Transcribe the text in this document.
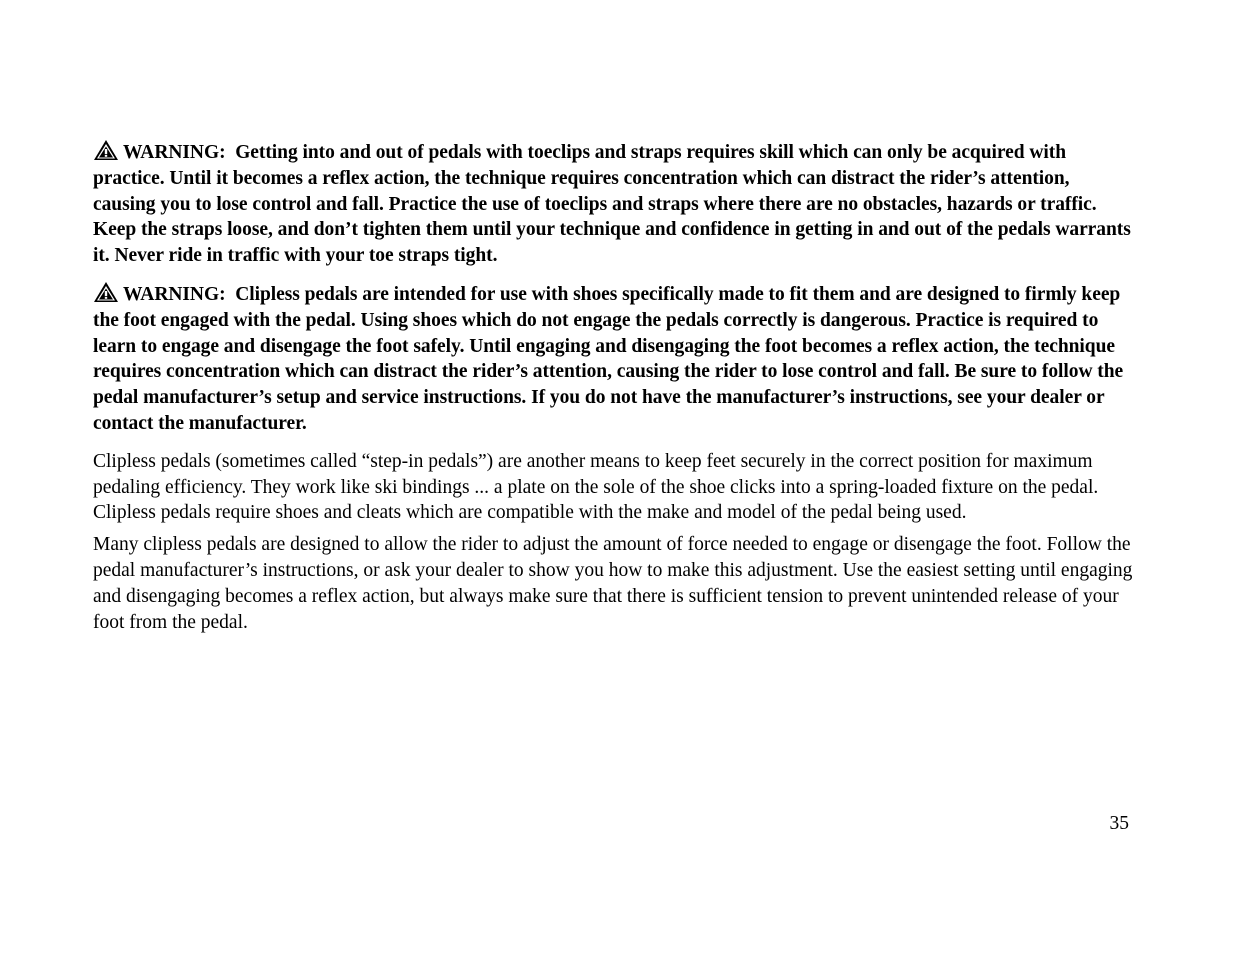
WARNING: Getting into and out of pedals with toeclips and straps requires skill which can only be acquired with practice. Until it becomes a reflex action, the technique requires concentration which can distract the rider’s attention, causing you to lose control and fall. Practice the use of toeclips and straps where there are no obstacles, hazards or traffic. Keep the straps loose, and don’t tighten them until your technique and confidence in getting in and out of the pedals warrants it. Never ride in traffic with your toe straps tight.

WARNING: Clipless pedals are intended for use with shoes specifically made to fit them and are designed to firmly keep the foot engaged with the pedal. Using shoes which do not engage the pedals correctly is dangerous. Practice is required to learn to engage and disengage the foot safely. Until engaging and disengaging the foot becomes a reflex action, the technique requires concentration which can distract the rider’s attention, causing the rider to lose control and fall. Be sure to follow the pedal manufacturer’s setup and service instructions. If you do not have the manufacturer’s instructions, see your dealer or contact the manufacturer.

Clipless pedals (sometimes called “step-in pedals”) are another means to keep feet securely in the correct position for maximum pedaling efficiency. They work like ski bindings ... a plate on the sole of the shoe clicks into a spring-loaded fixture on the pedal. Clipless pedals require shoes and cleats which are compatible with the make and model of the pedal being used.

Many clipless pedals are designed to allow the rider to adjust the amount of force needed to engage or disengage the foot. Follow the pedal manufacturer’s instructions, or ask your dealer to show you how to make this adjustment. Use the easiest setting until engaging and disengaging becomes a reflex action, but always make sure that there is sufficient tension to prevent unintended release of your foot from the pedal.

35
